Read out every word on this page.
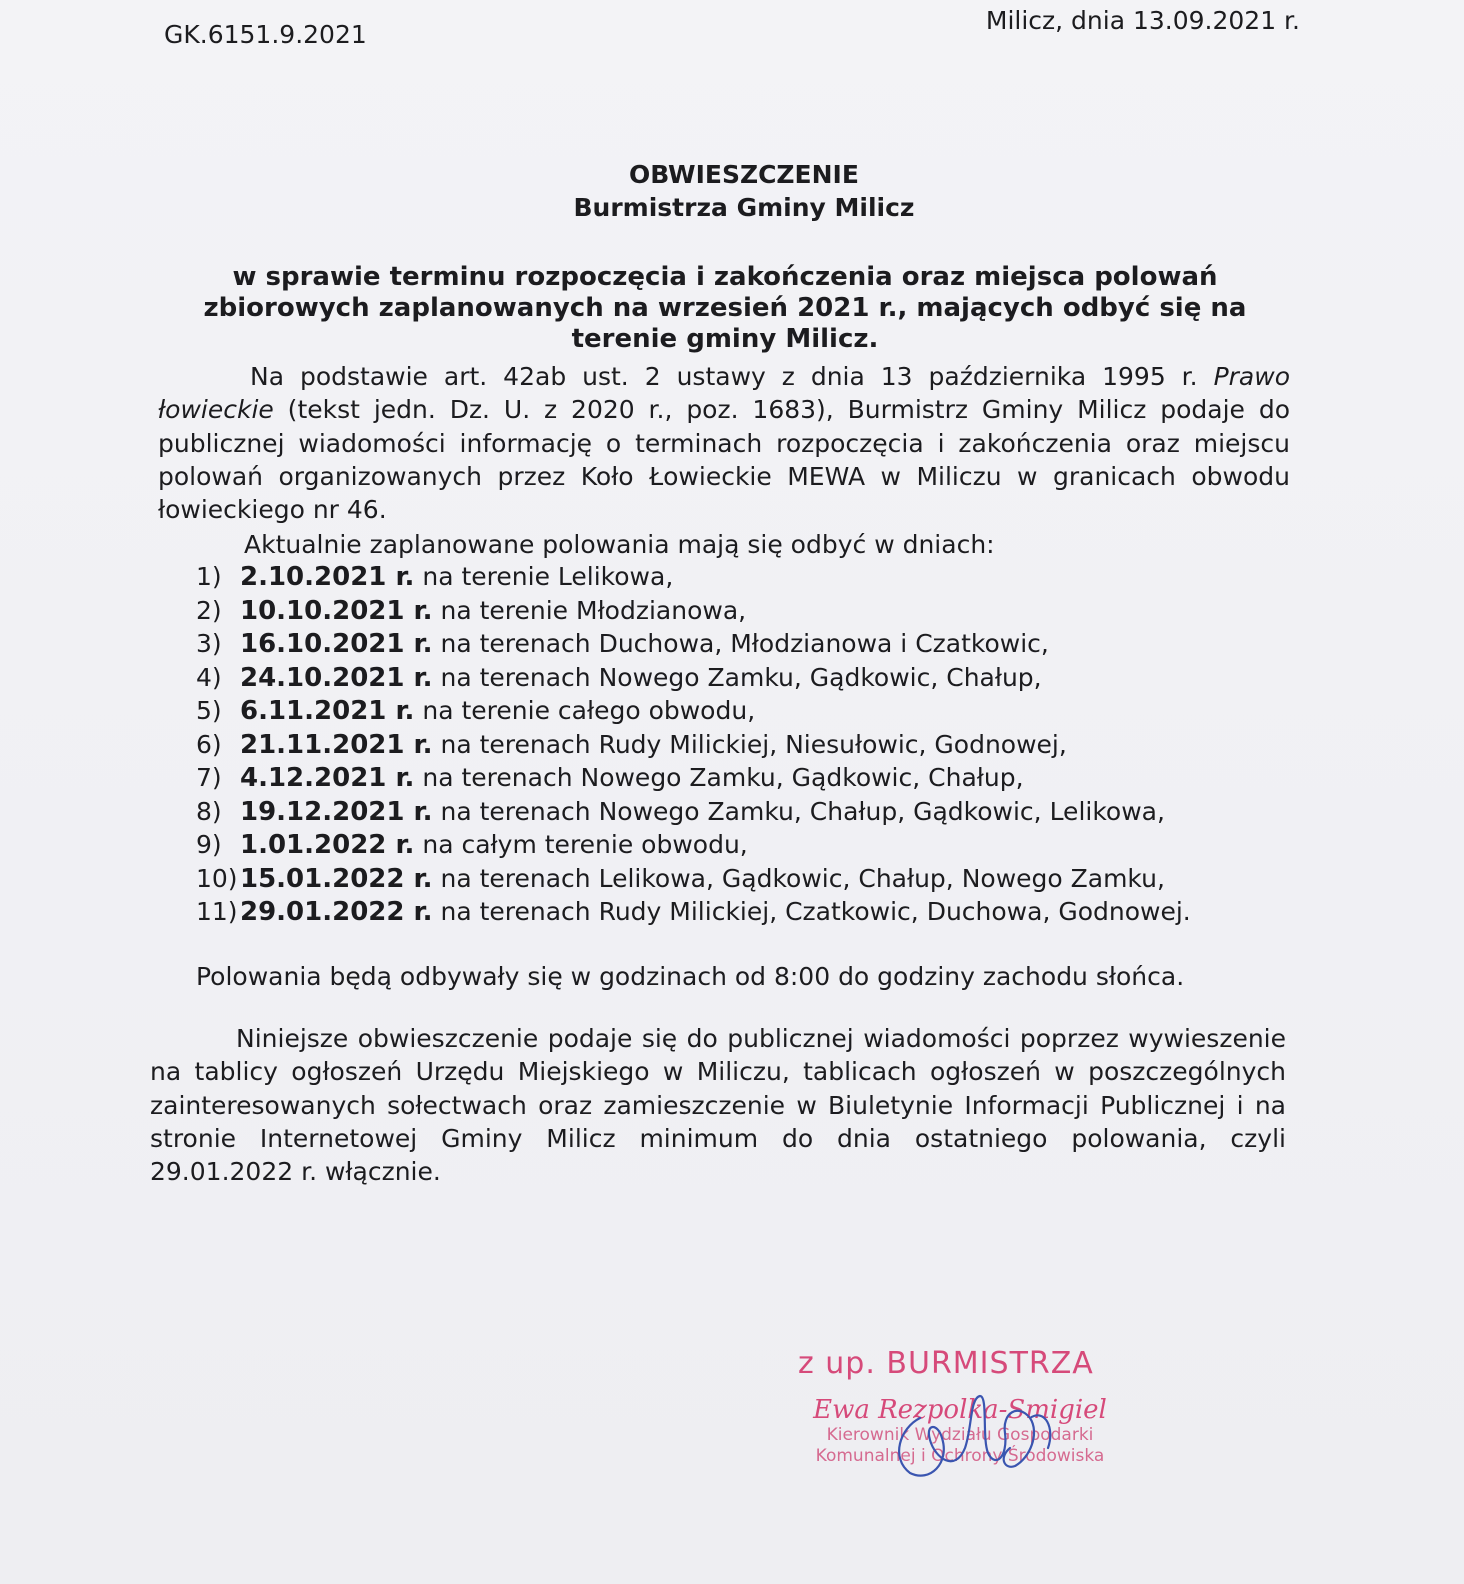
GK.6151.9.2021	Milicz, dnia 13.09.2021 r.
OBWIESZCZENIE
Burmistrza Gminy Milicz
w sprawie terminu rozpoczęcia i zakończenia oraz miejsca polowań zbiorowych zaplanowanych na wrzesień 2021 r., mających odbyć się na terenie gminy Milicz.
Na podstawie art. 42ab ust. 2 ustawy z dnia 13 października 1995 r. Prawo łowieckie (tekst jedn. Dz. U. z 2020 r., poz. 1683), Burmistrz Gminy Milicz podaje do publicznej wiadomości informację o terminach rozpoczęcia i zakończenia oraz miejscu polowań organizowanych przez Koło Łowieckie MEWA w Miliczu w granicach obwodu łowieckiego nr 46.
Aktualnie zaplanowane polowania mają się odbyć w dniach:
1) 2.10.2021 r. na terenie Lelikowa,
2) 10.10.2021 r. na terenie Młodzianowa,
3) 16.10.2021 r. na terenach Duchowa, Młodzianowa i Czatkowic,
4) 24.10.2021 r. na terenach Nowego Zamku, Gądkowic, Chałup,
5) 6.11.2021 r. na terenie całego obwodu,
6) 21.11.2021 r. na terenach Rudy Milickiej, Niesułowic, Godnowej,
7) 4.12.2021 r. na terenach Nowego Zamku, Gądkowic, Chałup,
8) 19.12.2021 r. na terenach Nowego Zamku, Chałup, Gądkowic, Lelikowa,
9) 1.01.2022 r. na całym terenie obwodu,
10)15.01.2022 r. na terenach Lelikowa, Gądkowic, Chałup, Nowego Zamku,
11)29.01.2022 r. na terenach Rudy Milickiej, Czatkowic, Duchowa, Godnowej.
Polowania będą odbywały się w godzinach od 8:00 do godziny zachodu słońca.
Niniejsze obwieszczenie podaje się do publicznej wiadomości poprzez wywieszenie na tablicy ogłoszeń Urzędu Miejskiego w Miliczu, tablicach ogłoszeń w poszczególnych zainteresowanych sołectwach oraz zamieszczenie w Biuletynie Informacji Publicznej i na stronie Internetowej Gminy Milicz minimum do dnia ostatniego polowania, czyli 29.01.2022 r. włącznie.
z up. BURMISTRZA
Ewa Rezpolka-Smigiel
Kierownik Wydziału Gospodarki
Komunalnej i Ochrony Środowiska
